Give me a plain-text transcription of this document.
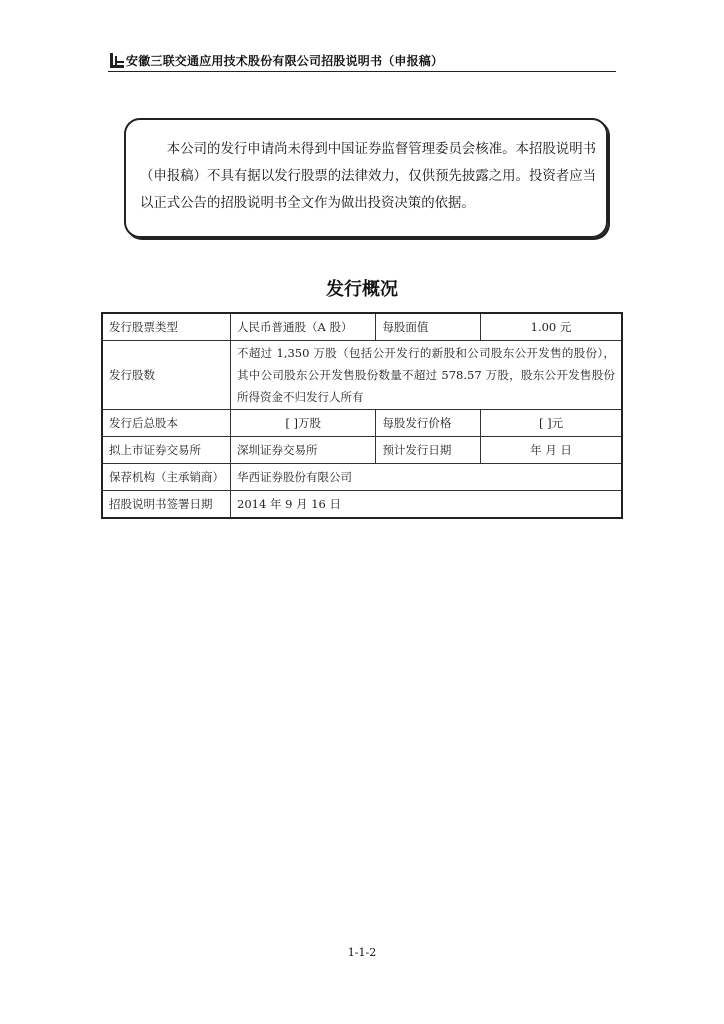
安徽三联交通应用技术股份有限公司招股说明书（申报稿）
本公司的发行申请尚未得到中国证券监督管理委员会核准。本招股说明书（申报稿）不具有据以发行股票的法律效力，仅供预先披露之用。投资者应当以正式公告的招股说明书全文作为做出投资决策的依据。
发行概况
发行股票类型	人民币普通股（A 股）	每股面值	1.00 元
发行股数	不超过 1,350 万股（包括公开发行的新股和公司股东公开发售的股份），其中公司股东公开发售股份数量不超过 578.57 万股，股东公开发售股份所得资金不归发行人所有		
发行后总股本	[ ]万股	每股发行价格	[ ]元
拟上市证券交易所	深圳证券交易所	预计发行日期	年 月 日
保荐机构（主承销商）	华西证券股份有限公司		
招股说明书签署日期	2014 年 9 月 16 日		
1-1-2
